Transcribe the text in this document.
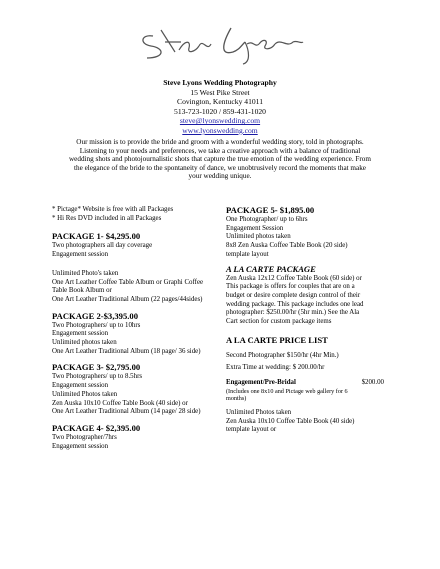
Steve Lyons Wedding Photography
15 West Pike Street
Covington, Kentucky 41011
513-723-1020 / 859-431-1020
steve@lyonswedding.com
www.lyonswedding.com
Our mission is to provide the bride and groom with a wonderful wedding story, told in photographs.
Listening to your needs and preferences, we take a creative approach with a balance of traditional
wedding shots and photojournalistic shots that capture the true emotion of the wedding experience. From
the elegance of the bride to the spontaneity of dance, we unobtrusively record the moments that make
your wedding unique.

* Pictage* Website is free with all Packages

* Hi Res DVD included in all Packages

PACKAGE 1- $4,295.00

Two photographers all day coverage

Engagement session

Unlimited Photo's taken

One Art Leather Coffee Table Album or Graphi Coffee

Table Book Album or

One Art Leather Traditional Album (22 pages/44sides)

PACKAGE 2-$3,395.00

Two Photographers/ up to 10hrs

Engagement session

Unlimited photos taken

One Art Leather Traditional Album (18 page/ 36 side)

PACKAGE 3- $2,795.00

Two Photographers/ up to 8.5hrs

Engagement session

Unlimited Photos taken

Zen Auska 10x10 Coffee Table Book (40 side) or

One Art Leather Traditional Album (14 page/ 28 side)

PACKAGE 4- $2,395.00

Two Photographer/7hrs

Engagement session

PACKAGE 5- $1,895.00

One Photographer/ up to 6hrs

Engagement Session

Unlimited photos taken

8x8 Zen Auska Coffee Table Book (20 side)

template layout

A LA CARTE PACKAGE

Zen Auska 12x12 Coffee Table Book (60 side) or

This package is offers for couples that are on a

budget or desire complete design control of their

wedding package. This package includes one lead

photographer: $250.00/hr (5hr min.) See the Ala

Cart section for custom package items

A LA CARTE PRICE LIST

Second Photographer $150/hr (4hr Min.)

Extra Time at wedding: $ 200.00/hr

Engagement/Pre-Bridal	$200.00

(Includes one 8x10 and Pictage web gallery for 6

months)

Unlimited Photos taken

Zen Auska 10x10 Coffee Table Book (40 side)

template layout or
